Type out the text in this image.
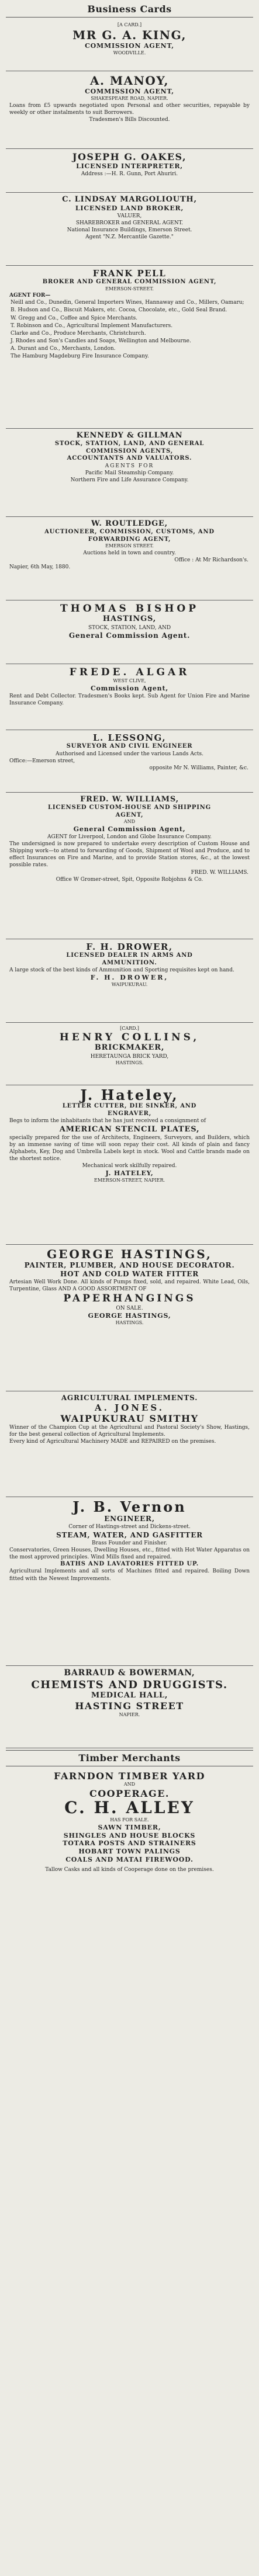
Business Cards
[A CARD.]
MR G. A. KING,
COMMISSION AGENT,
WOODVILLE.
A. MANOY,
COMMISSION AGENT,
SHAKESPEARE ROAD, NAPIER.
Loans from £5 upwards negotiated upon Personal and other securities, repayable by weekly or other instalments to suit Borrowers.
Tradesmen's Bills Discounted.
JOSEPH G. OAKES,
LICENSED INTERPRETER,
Address :—H. R. Gunn, Port Ahuriri.
C. LINDSAY MARGOLIOUTH,
LICENSED LAND BROKER,
VALUER,
SHAREBROKER and GENERAL AGENT.
National Insurance Buildings, Emerson Street.
Agent "N.Z. Mercantile Gazette."
FRANK PELL
BROKER AND GENERAL COMMISSION AGENT,
EMERSON-STREET.
AGENT FOR—
Neill and Co., Dunedin, General Importers Wines, Hannaway and Co., Millers, Oamaru;
B. Hudson and Co., Biscuit Makers, etc. Cocoa, Chocolate, etc., Gold Seal Brand.
W. Gregg and Co., Coffee and Spice Merchants.
T. Robinson and Co., Agricultural Implement Manufacturers.
Clarke and Co., Produce Merchants, Christchurch.
J. Rhodes and Son's Candles and Soaps, Wellington and Melbourne.
A. Durant and Co., Merchants, London.
The Hamburg Magdeburg Fire Insurance Company.
KENNEDY & GILLMAN
STOCK, STATION, LAND, AND GENERAL
COMMISSION AGENTS,
ACCOUNTANTS AND VALUATORS.
AGENTS FOR
Pacific Mail Steamship Company.
Northern Fire and Life Assurance Company.
W. ROUTLEDGE,
AUCTIONEER, COMMISSION, CUSTOMS, AND
FORWARDING AGENT,
EMERSON STREET.
Auctions held in town and country.
Office : At Mr Richardson's.
Napier, 6th May, 1880.
THOMAS BISHOP
HASTINGS,
STOCK, STATION, LAND, AND
General Commission Agent.
FREDE. ALGAR
WEST CLIVE,
Commission Agent,
Rent and Debt Collector. Tradesmen's Books kept. Sub Agent for Union Fire and Marine Insurance Company.
L. LESSONG,
SURVEYOR AND CIVIL ENGINEER
Authorised and Licensed under the various Lands Acts.
Office:—Emerson street,
opposite Mr N. Williams, Painter, &c.
FRED. W. WILLIAMS,
LICENSED CUSTOM-HOUSE AND SHIPPING
AGENT,
AND
General Commission Agent,
AGENT for Liverpool, London and Globe Insurance Company.
The undersigned is now prepared to undertake every description of Custom House and Shipping work—to attend to forwarding of Goods, Shipment of Wool and Produce, and to effect Insurances on Fire and Marine, and to provide Station stores, &c., at the lowest possible rates.
FRED. W. WILLIAMS.
Office W Gromer-street, Spit, Opposite Robjohns & Co.
F. H. DROWER,
LICENSED DEALER IN ARMS AND
AMMUNITION.
A large stock of the best kinds of Ammunition and Sporting requisites kept on hand.
F. H. DROWER,
WAIPUKURAU.
[CARD.]
HENRY COLLINS,
BRICKMAKER,
HERETAUNGA BRICK YARD,
HASTINGS.
J. Hateley,
LETTER CUTTER, DIE SINKER, AND
ENGRAVER,
Begs to inform the inhabitants that he has just received a consignment of
AMERICAN STENCIL PLATES,
specially prepared for the use of Architects, Engineers, Surveyors, and Builders, which by an immense saving of time will soon repay their cost. All kinds of plain and fancy Alphabets, Key, Dog and Umbrella Labels kept in stock. Wool and Cattle brands made on the shortest notice.
Mechanical work skilfully repaired.
J. HATELEY,
EMERSON-STREET, NAPIER.
GEORGE HASTINGS,
PAINTER, PLUMBER, AND HOUSE DECORATOR.
HOT AND COLD WATER FITTER
Artesian Well Work Done. All kinds of Pumps fixed, sold, and repaired. White Lead, Oils, Turpentine, Glass AND A GOOD ASSORTMENT OF
PAPERHANGINGS
ON SALE.
GEORGE HASTINGS,
HASTINGS.
AGRICULTURAL IMPLEMENTS.
A. JONES.
WAIPUKURAU SMITHY
Winner of the Champion Cup at the Agricultural and Pastoral Society's Show, Hastings, for the best general collection of Agricultural Implements.
Every kind of Agricultural Machinery MADE and REPAIRED on the premises.
J. B. Vernon
ENGINEER,
Corner of Hastings-street and Dickens-street.
STEAM, WATER, AND GASFITTER
Brass Founder and Finisher.
Conservatories, Green Houses, Dwelling Houses, etc., fitted with Hot Water Apparatus on the most approved principles. Wind Mills fixed and repaired.
BATHS AND LAVATORIES FITTED UP.
Agricultural Implements and all sorts of Machines fitted and repaired. Boiling Down fitted with the Newest Improvements.
BARRAUD & BOWERMAN,
CHEMISTS AND DRUGGISTS.
MEDICAL HALL,
HASTING STREET
NAPIER.
Timber Merchants
FARNDON TIMBER YARD
AND
COOPERAGE.
C. H. ALLEY
HAS FOR SALE.
SAWN TIMBER,
SHINGLES AND HOUSE BLOCKS
TOTARA POSTS AND STRAINERS
HOBART TOWN PALINGS
COALS AND MATAI FIREWOOD.
Tallow Casks and all kinds of Cooperage done on the premises.
